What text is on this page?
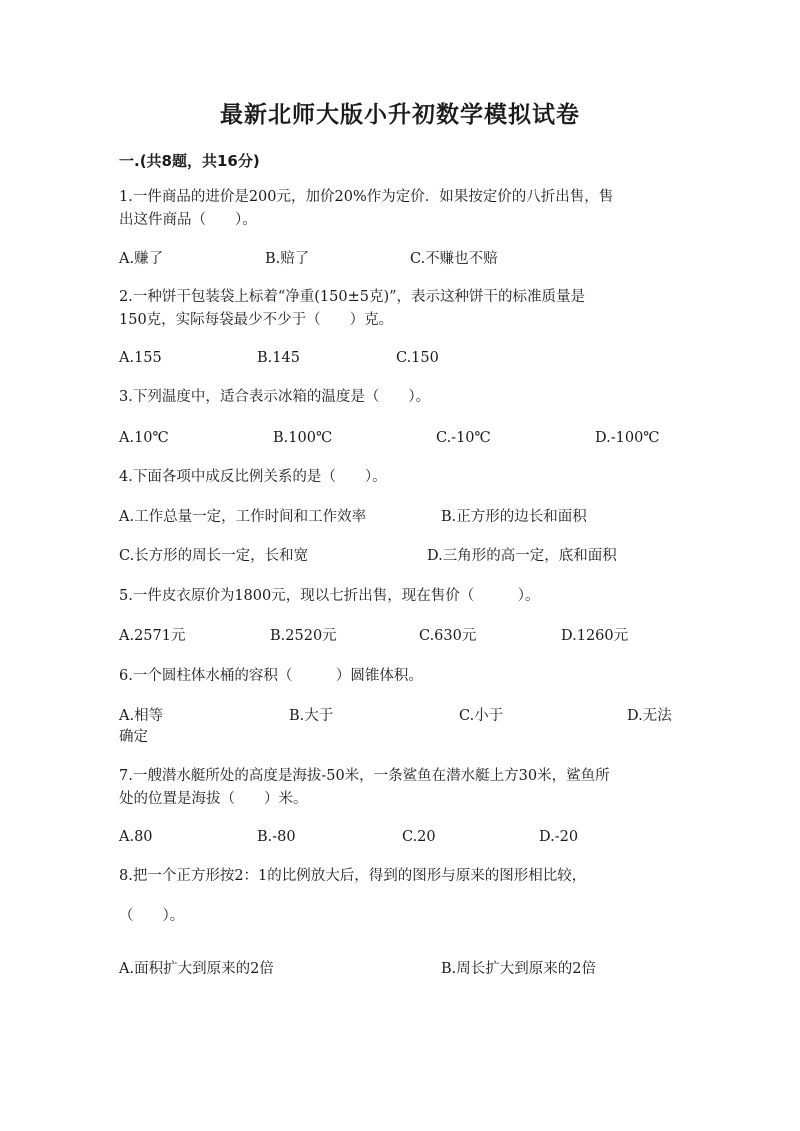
最新北师大版小升初数学模拟试卷
一.(共8题，共16分)
1.一件商品的进价是200元，加价20%作为定价．如果按定价的八折出售，售
出这件商品（　　）。
A.赚了	B.赔了	C.不赚也不赔
2.一种饼干包装袋上标着“净重(150±5克)”，表示这种饼干的标准质量是
150克，实际每袋最少不少于（　　）克。
A.155	B.145	C.150
3.下列温度中，适合表示冰箱的温度是（　　）。
A.10℃	B.100℃	C.-10℃	D.-100℃
4.下面各项中成反比例关系的是（　　）。
A.工作总量一定，工作时间和工作效率	B.正方形的边长和面积
C.长方形的周长一定，长和宽	D.三角形的高一定，底和面积
5.一件皮衣原价为1800元，现以七折出售，现在售价（　　　）。
A.2571元	B.2520元	C.630元	D.1260元
6.一个圆柱体水桶的容积（　　　）圆锥体积。
A.相等	B.大于	C.小于	D.无法
确定
7.一艘潜水艇所处的高度是海拔-50米，一条鲨鱼在潜水艇上方30米，鲨鱼所
处的位置是海拔（　　）米。
A.80	B.-80	C.20	D.-20
8.把一个正方形按2：1的比例放大后，得到的图形与原来的图形相比较，
（　　）。
A.面积扩大到原来的2倍	B.周长扩大到原来的2倍
